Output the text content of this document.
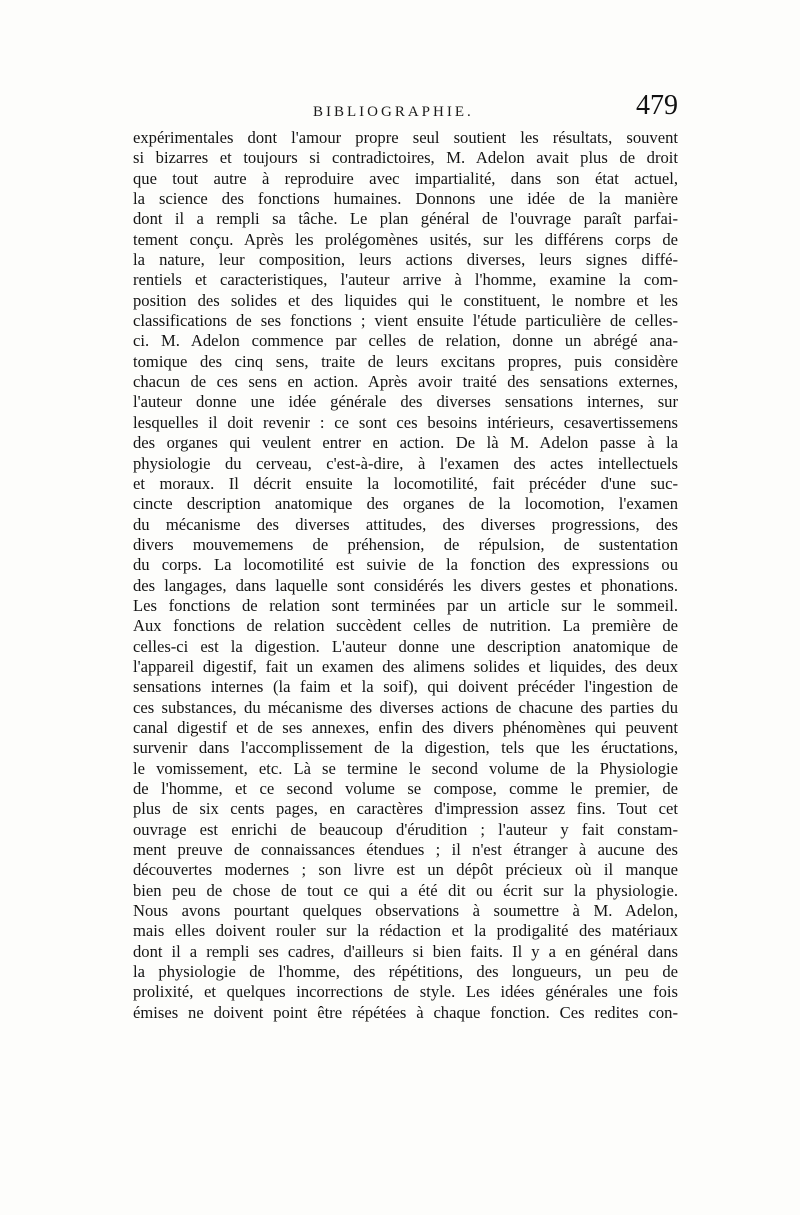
BIBLIOGRAPHIE.	479
expérimentales dont l'amour propre seul soutient les résultats, souvent
si bizarres et toujours si contradictoires, M. Adelon avait plus de droit
que tout autre à reproduire avec impartialité, dans son état actuel,
la science des fonctions humaines. Donnons une idée de la manière
dont il a rempli sa tâche. Le plan général de l'ouvrage paraît parfai-
tement conçu. Après les prolégomènes usités, sur les différens corps de
la nature, leur composition, leurs actions diverses, leurs signes diffé-
rentiels et caracteristiques, l'auteur arrive à l'homme, examine la com-
position des solides et des liquides qui le constituent, le nombre et les
classifications de ses fonctions ; vient ensuite l'étude particulière de celles-
ci. M. Adelon commence par celles de relation, donne un abrégé ana-
tomique des cinq sens, traite de leurs excitans propres, puis considère
chacun de ces sens en action. Après avoir traité des sensations externes,
l'auteur donne une idée générale des diverses sensations internes, sur
lesquelles il doit revenir : ce sont ces besoins intérieurs, cesavertissemens
des organes qui veulent entrer en action. De là M. Adelon passe à la
physiologie du cerveau, c'est-à-dire, à l'examen des actes intellectuels
et moraux. Il décrit ensuite la locomotilité, fait précéder d'une suc-
cincte description anatomique des organes de la locomotion, l'examen
du mécanisme des diverses attitudes, des diverses progressions, des
divers mouvememens de préhension, de répulsion, de sustentation
du corps. La locomotilité est suivie de la fonction des expressions ou
des langages, dans laquelle sont considérés les divers gestes et phonations.
Les fonctions de relation sont terminées par un article sur le sommeil.
Aux fonctions de relation succèdent celles de nutrition. La première de
celles-ci est la digestion. L'auteur donne une description anatomique de
l'appareil digestif, fait un examen des alimens solides et liquides, des deux
sensations internes (la faim et la soif), qui doivent précéder l'ingestion de
ces substances, du mécanisme des diverses actions de chacune des parties du
canal digestif et de ses annexes, enfin des divers phénomènes qui peuvent
survenir dans l'accomplissement de la digestion, tels que les éructations,
le vomissement, etc. Là se termine le second volume de la Physiologie
de l'homme, et ce second volume se compose, comme le premier, de
plus de six cents pages, en caractères d'impression assez fins. Tout cet
ouvrage est enrichi de beaucoup d'érudition ; l'auteur y fait constam-
ment preuve de connaissances étendues ; il n'est étranger à aucune des
découvertes modernes ; son livre est un dépôt précieux où il manque
bien peu de chose de tout ce qui a été dit ou écrit sur la physiologie.
Nous avons pourtant quelques observations à soumettre à M. Adelon,
mais elles doivent rouler sur la rédaction et la prodigalité des matériaux
dont il a rempli ses cadres, d'ailleurs si bien faits. Il y a en général dans
la physiologie de l'homme, des répétitions, des longueurs, un peu de
prolixité, et quelques incorrections de style. Les idées générales une fois
émises ne doivent point être répétées à chaque fonction. Ces redites con-
